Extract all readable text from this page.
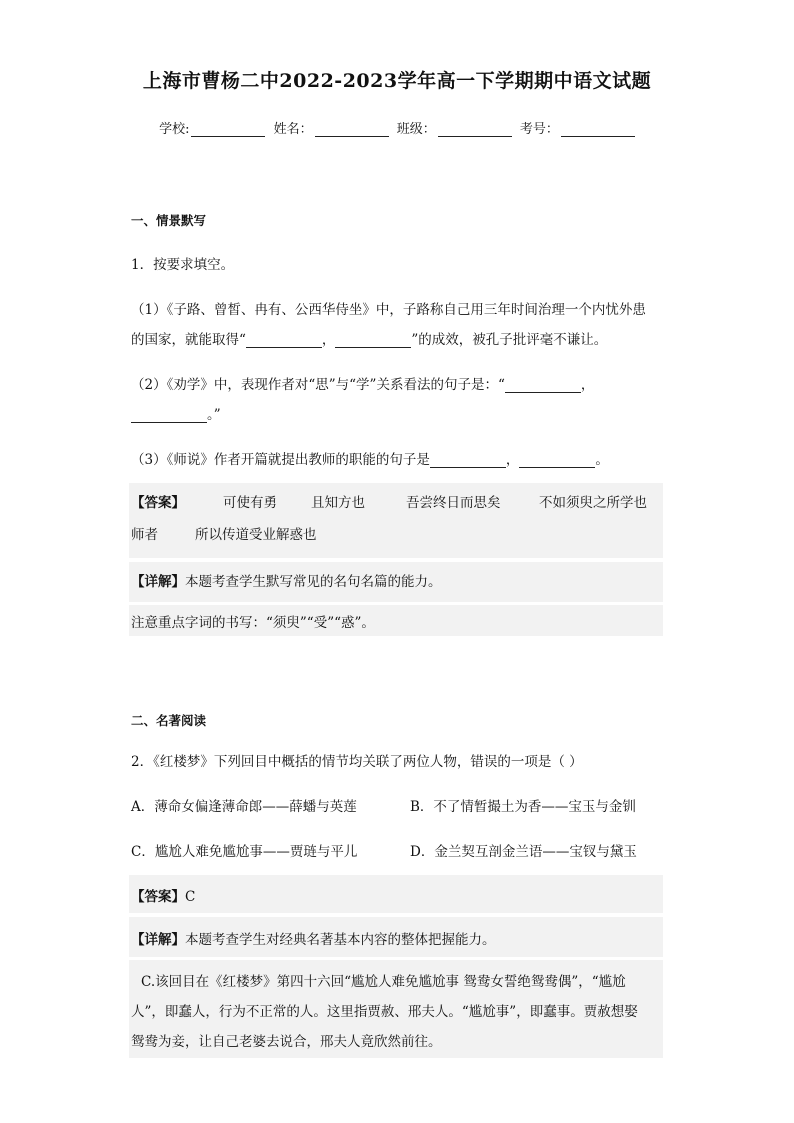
上海市曹杨二中2022-2023学年高一下学期期中语文试题
学校:	姓名：	班级：	考号：
一、情景默写
1．按要求填空。
（1）《子路、曾皙、冉有、公西华侍坐》中，子路称自己用三年时间治理一个内忧外患
的国家，就能取得“	，	”的成效，被孔子批评毫不谦让。
（2）《劝学》中，表现作者对“思”与“学”关系看法的句子是：“	，
。”
（3）《师说》作者开篇就提出教师的职能的句子是	，	。
【答案】	可使有勇	且知方也	吾尝终日而思矣	不如须臾之所学也
师者	所以传道受业解惑也
【详解】本题考查学生默写常见的名句名篇的能力。
注意重点字词的书写：“须臾”“受”“惑”。
二、名著阅读
2．《红楼梦》下列回目中概括的情节均关联了两位人物，错误的一项是（ ）
A．薄命女偏逢薄命郎——薛蟠与英莲	B．不了情暂撮土为香——宝玉与金钏
C．尴尬人难免尴尬事——贾琏与平儿	D．金兰契互剖金兰语——宝钗与黛玉
【答案】C
【详解】本题考查学生对经典名著基本内容的整体把握能力。
C.该回目在《红楼梦》第四十六回“尴尬人难免尴尬事 鸳鸯女誓绝鸳鸯偶”，“尴尬
人”，即蠢人，行为不正常的人。这里指贾赦、邢夫人。“尴尬事”，即蠢事。贾赦想娶
鸳鸯为妾，让自己老婆去说合，邢夫人竟欣然前往。
